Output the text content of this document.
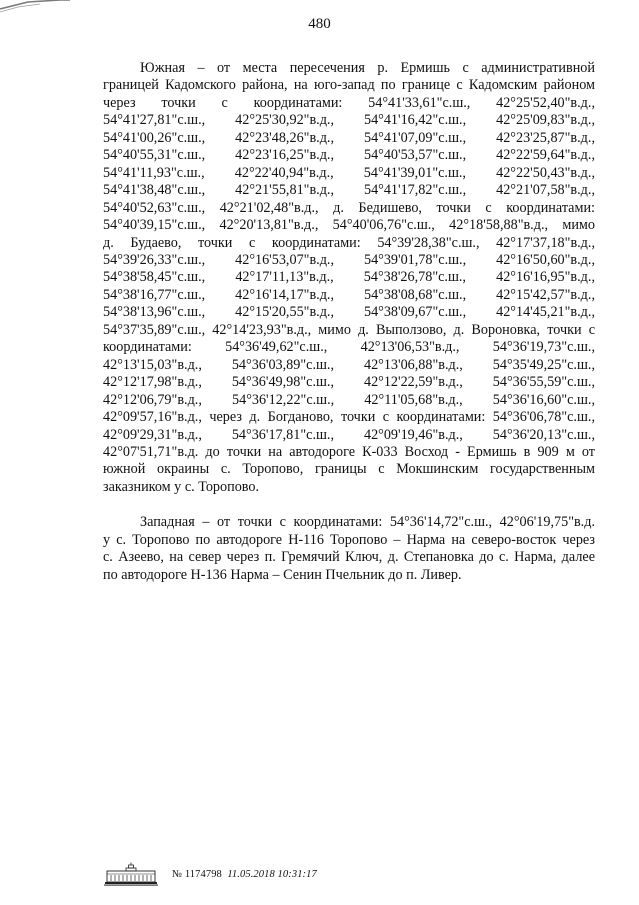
480

Южная – от места пересечения р. Ермишь с административной

границей Кадомского района, на юго-запад по границе с Кадомским районом

через точки с координатами: 54°41'33,61"с.ш., 42°25'52,40"в.д.,

54°41'27,81"с.ш., 42°25'30,92"в.д., 54°41'16,42"с.ш., 42°25'09,83"в.д.,

54°41'00,26"с.ш., 42°23'48,26"в.д., 54°41'07,09"с.ш., 42°23'25,87"в.д.,

54°40'55,31"с.ш., 42°23'16,25"в.д., 54°40'53,57"с.ш., 42°22'59,64"в.д.,

54°41'11,93"с.ш., 42°22'40,94"в.д., 54°41'39,01"с.ш., 42°22'50,43"в.д.,

54°41'38,48"с.ш., 42°21'55,81"в.д., 54°41'17,82"с.ш., 42°21'07,58"в.д.,

54°40'52,63"с.ш., 42°21'02,48"в.д., д. Бедишево, точки с координатами:

54°40'39,15"с.ш., 42°20'13,81"в.д., 54°40'06,76"с.ш., 42°18'58,88"в.д., мимо

д. Будаево, точки с координатами: 54°39'28,38"с.ш., 42°17'37,18"в.д.,

54°39'26,33"с.ш., 42°16'53,07"в.д., 54°39'01,78"с.ш., 42°16'50,60"в.д.,

54°38'58,45"с.ш., 42°17'11,13"в.д., 54°38'26,78"с.ш., 42°16'16,95"в.д.,

54°38'16,77"с.ш., 42°16'14,17"в.д., 54°38'08,68"с.ш., 42°15'42,57"в.д.,

54°38'13,96"с.ш., 42°15'20,55"в.д., 54°38'09,67"с.ш., 42°14'45,21"в.д.,

54°37'35,89"с.ш., 42°14'23,93"в.д., мимо д. Выползово, д. Вороновка, точки с

координатами: 54°36'49,62"с.ш., 42°13'06,53"в.д., 54°36'19,73"с.ш.,

42°13'15,03"в.д., 54°36'03,89"с.ш., 42°13'06,88"в.д., 54°35'49,25"с.ш.,

42°12'17,98"в.д., 54°36'49,98"с.ш., 42°12'22,59"в.д., 54°36'55,59"с.ш.,

42°12'06,79"в.д., 54°36'12,22"с.ш., 42°11'05,68"в.д., 54°36'16,60"с.ш.,

42°09'57,16"в.д., через д. Богданово, точки с координатами: 54°36'06,78"с.ш.,

42°09'29,31"в.д., 54°36'17,81"с.ш., 42°09'19,46"в.д., 54°36'20,13"с.ш.,

42°07'51,71"в.д. до точки на автодороге К-033 Восход - Ермишь в 909 м от

южной окраины с. Торопово, границы с Мокшинским государственным

заказником у с. Торопово.

Западная – от точки с координатами: 54°36'14,72"с.ш., 42°06'19,75"в.д.

у с. Торопово по автодороге Н-116 Торопово – Нарма на северо-восток через

с. Азеево, на север через п. Гремячий Ключ, д. Степановка до с. Нарма, далее

по автодороге Н-136 Нарма – Сенин Пчельник до п. Ливер.

№ 1174798 11.05.2018 10:31:17
